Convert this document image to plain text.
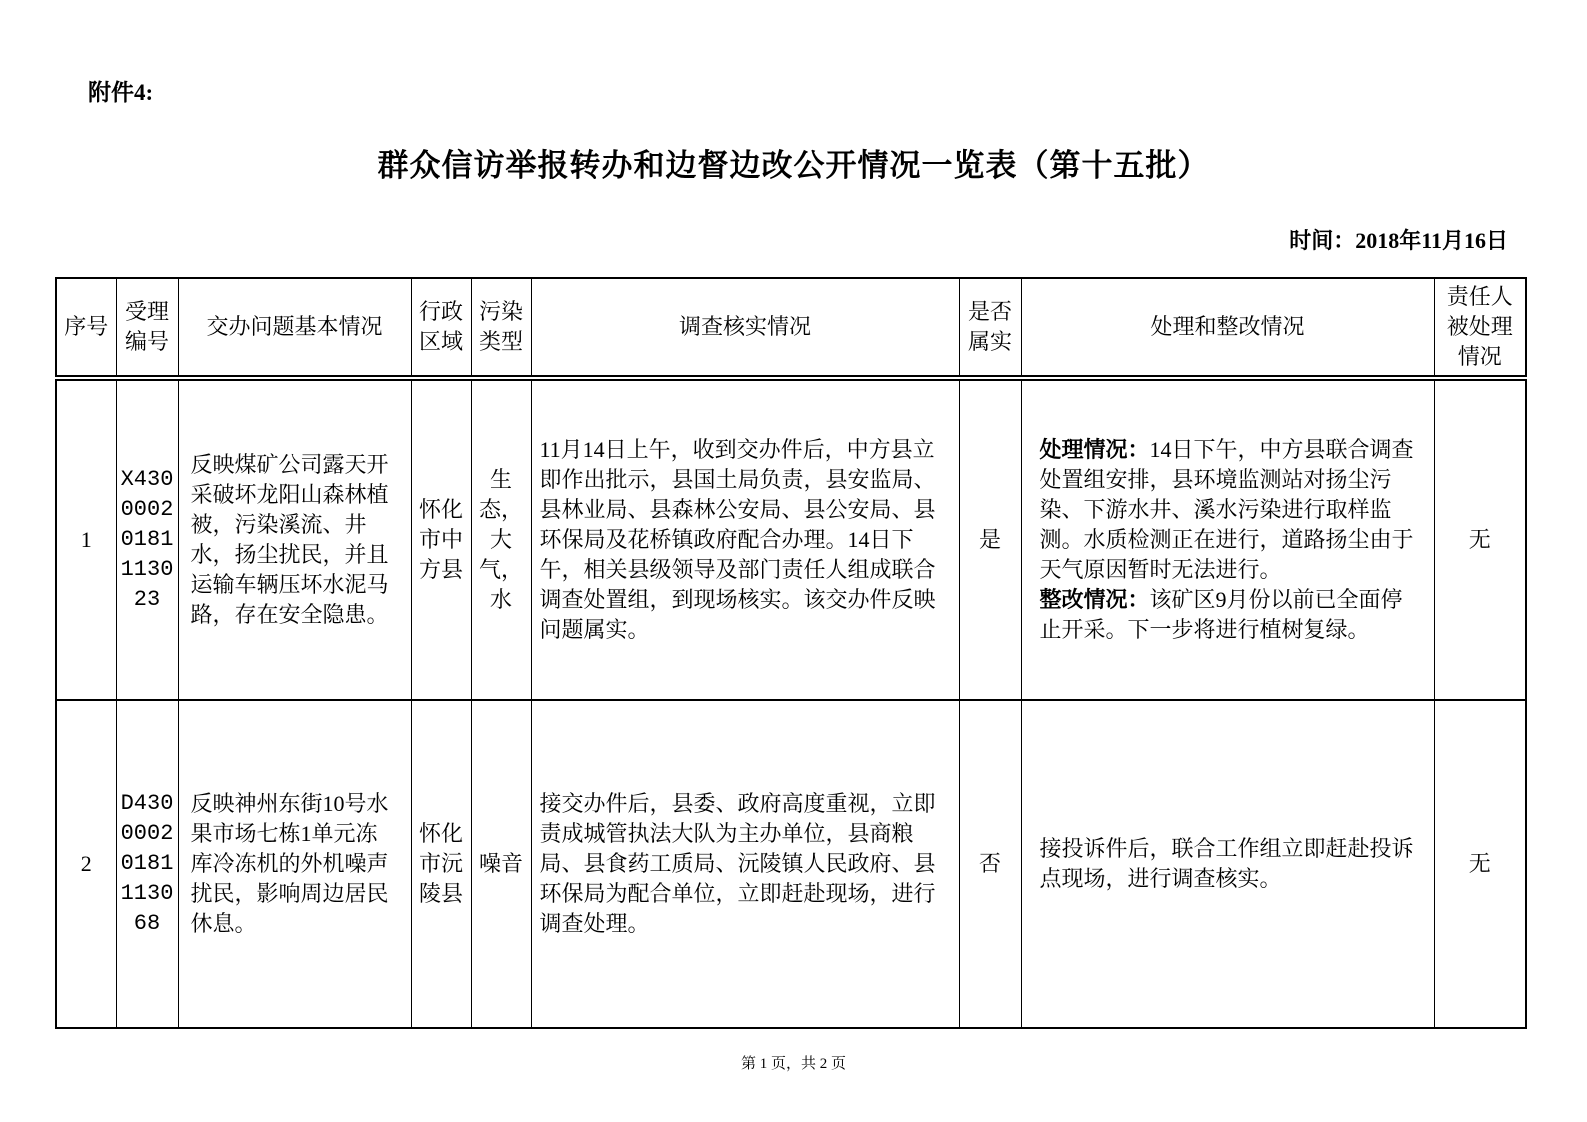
附件4:
群众信访举报转办和边督边改公开情况一览表（第十五批）
时间：2018年11月16日
序号	受理编号	交办问题基本情况	行政区域	污染类型	调查核实情况	是否属实	处理和整改情况	责任人被处理情况
1	X43000020181113023	反映煤矿公司露天开采破坏龙阳山森林植被，污染溪流、井水，扬尘扰民，并且运输车辆压坏水泥马路，存在安全隐患。	怀化市中方县	生态，大气，水	11月14日上午，收到交办件后，中方县立即作出批示，县国土局负责，县安监局、县林业局、县森林公安局、县公安局、县环保局及花桥镇政府配合办理。14日下午，相关县级领导及部门责任人组成联合调查处置组，到现场核实。该交办件反映问题属实。	是	处理情况：14日下午，中方县联合调查处置组安排，县环境监测站对扬尘污染、下游水井、溪水污染进行取样监测。水质检测正在进行，道路扬尘由于天气原因暂时无法进行。

整改情况：该矿区9月份以前已全面停止开采。下一步将进行植树复绿。	无
2	D43000020181113068	反映神州东街10号水果市场七栋1单元冻库冷冻机的外机噪声扰民，影响周边居民休息。	怀化市沅陵县	噪音	接交办件后，县委、政府高度重视，立即责成城管执法大队为主办单位，县商粮局、县食药工质局、沅陵镇人民政府、县环保局为配合单位，立即赶赴现场，进行调查处理。	否	接投诉件后，联合工作组立即赶赴投诉点现场，进行调查核实。	无
第 1 页，共 2 页
